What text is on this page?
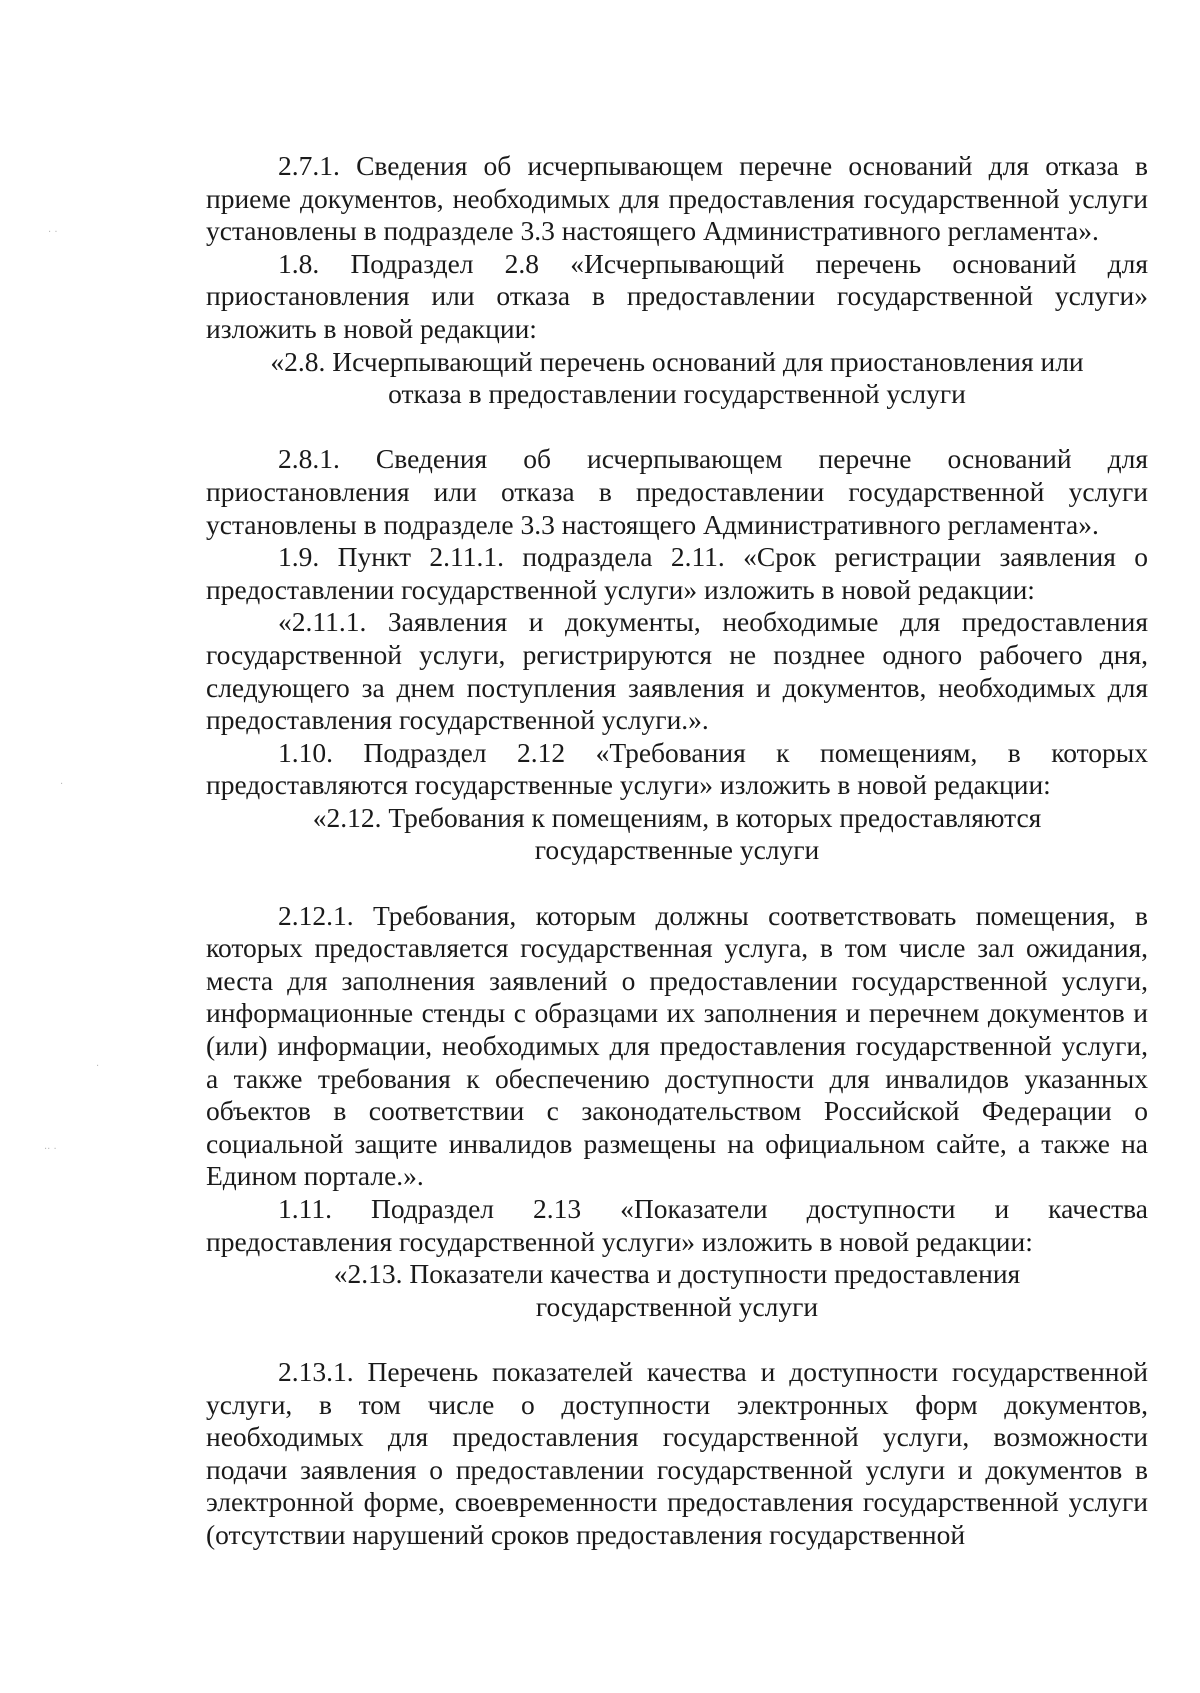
2.7.1. Сведения об исчерпывающем перечне оснований для отказа в приеме документов, необходимых для предоставления государственной услуги установлены в подразделе 3.3 настоящего Административного регламента».

1.8. Подраздел 2.8 «Исчерпывающий перечень оснований для приостановления или отказа в предоставлении государственной услуги» изложить в новой редакции:

«2.8. Исчерпывающий перечень оснований для приостановления или

отказа в предоставлении государственной услуги

2.8.1. Сведения об исчерпывающем перечне оснований для приостановления или отказа в предоставлении государственной услуги установлены в подразделе 3.3 настоящего Административного регламента».

1.9. Пункт 2.11.1. подраздела 2.11. «Срок регистрации заявления о предоставлении государственной услуги» изложить в новой редакции:

«2.11.1. Заявления и документы, необходимые для предоставления государственной услуги, регистрируются не позднее одного рабочего дня, следующего за днем поступления заявления и документов, необходимых для предоставления государственной услуги.».

1.10. Подраздел 2.12 «Требования к помещениям, в которых предоставляются государственные услуги» изложить в новой редакции:

«2.12. Требования к помещениям, в которых предоставляются

государственные услуги

2.12.1. Требования, которым должны соответствовать помещения, в которых предоставляется государственная услуга, в том числе зал ожидания, места для заполнения заявлений о предоставлении государственной услуги, информационные стенды с образцами их заполнения и перечнем документов и (или) информации, необходимых для предоставления государственной услуги, а также требования к обеспечению доступности для инвалидов указанных объектов в соответствии с законодательством Российской Федерации о социальной защите инвалидов размещены на официальном сайте, а также на Едином портале.».

1.11. Подраздел 2.13 «Показатели доступности и качества предоставления государственной услуги» изложить в новой редакции:

«2.13. Показатели качества и доступности предоставления

государственной услуги

2.13.1. Перечень показателей качества и доступности государственной услуги, в том числе о доступности электронных форм документов, необходимых для предоставления государственной услуги, возможности подачи заявления о предоставлении государственной услуги и документов в электронной форме, своевременности предоставления государственной услуги (отсутствии нарушений сроков предоставления государственной

· ·
·
·
·· ·
